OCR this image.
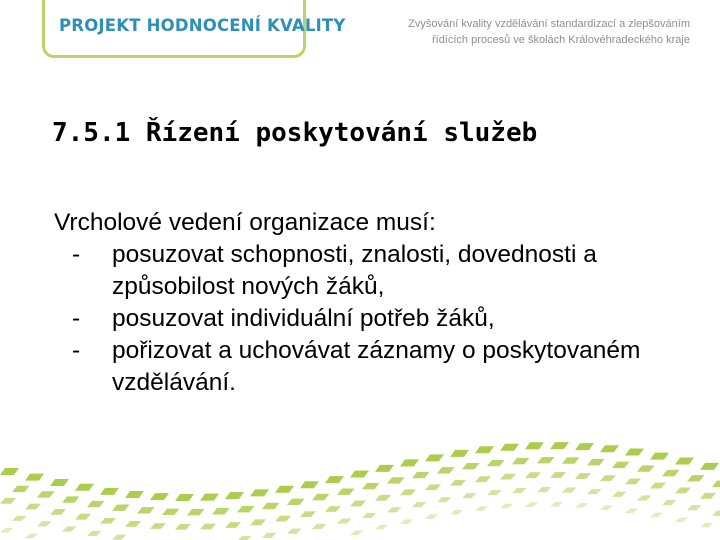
PROJEKT HODNOCENÍ KVALITY	Zvyšování kvality vzdělávání standardizací a zlepšováním
řídících procesů ve školách Královéhradeckého kraje
7.5.1 Řízení poskytování služeb
Vrcholové vedení organizace musí:
-	posuzovat schopnosti, znalosti, dovednosti a způsobilost nových žáků,
-	posuzovat individuální potřeb žáků,
-	pořizovat a uchovávat záznamy o poskytovaném vzdělávání.
